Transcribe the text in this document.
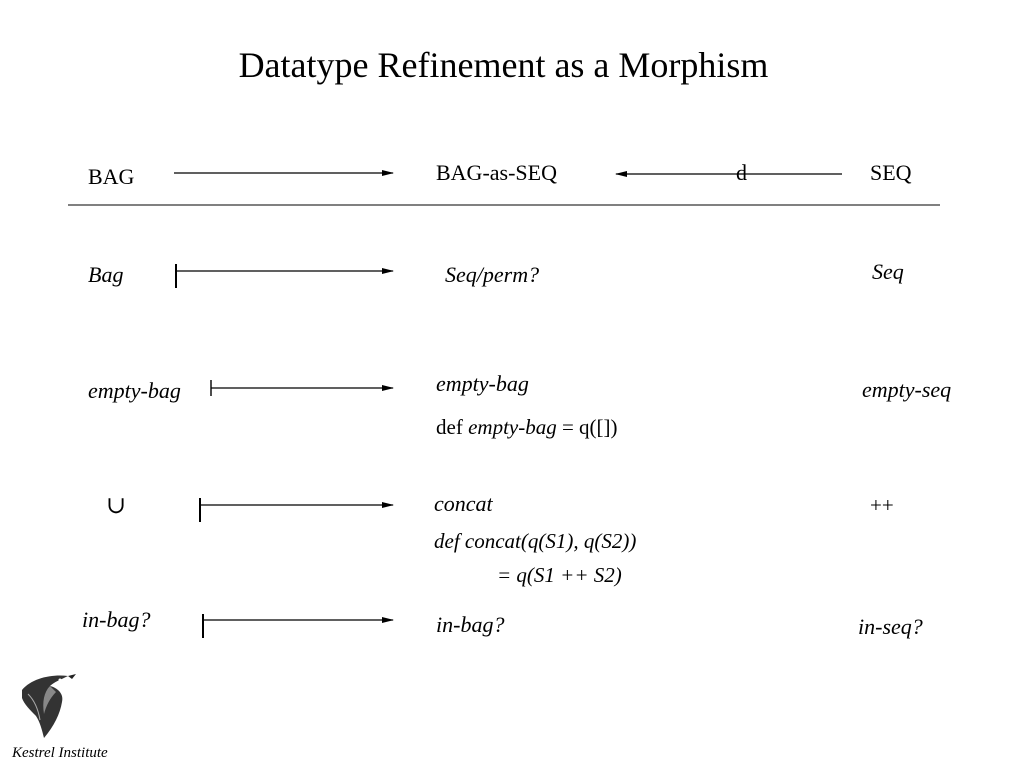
Datatype Refinement as a Morphism
BAG	BAG-as-SEQ	d	SEQ
Bag	Seq/perm?	Seq
empty-bag	empty-bag	empty-seq
def empty-bag = q([])
∪	concat	++
def concat(q(S1), q(S2))
= q(S1 ++ S2)
in-bag?	in-bag?	in-seq?
Kestrel Institute
